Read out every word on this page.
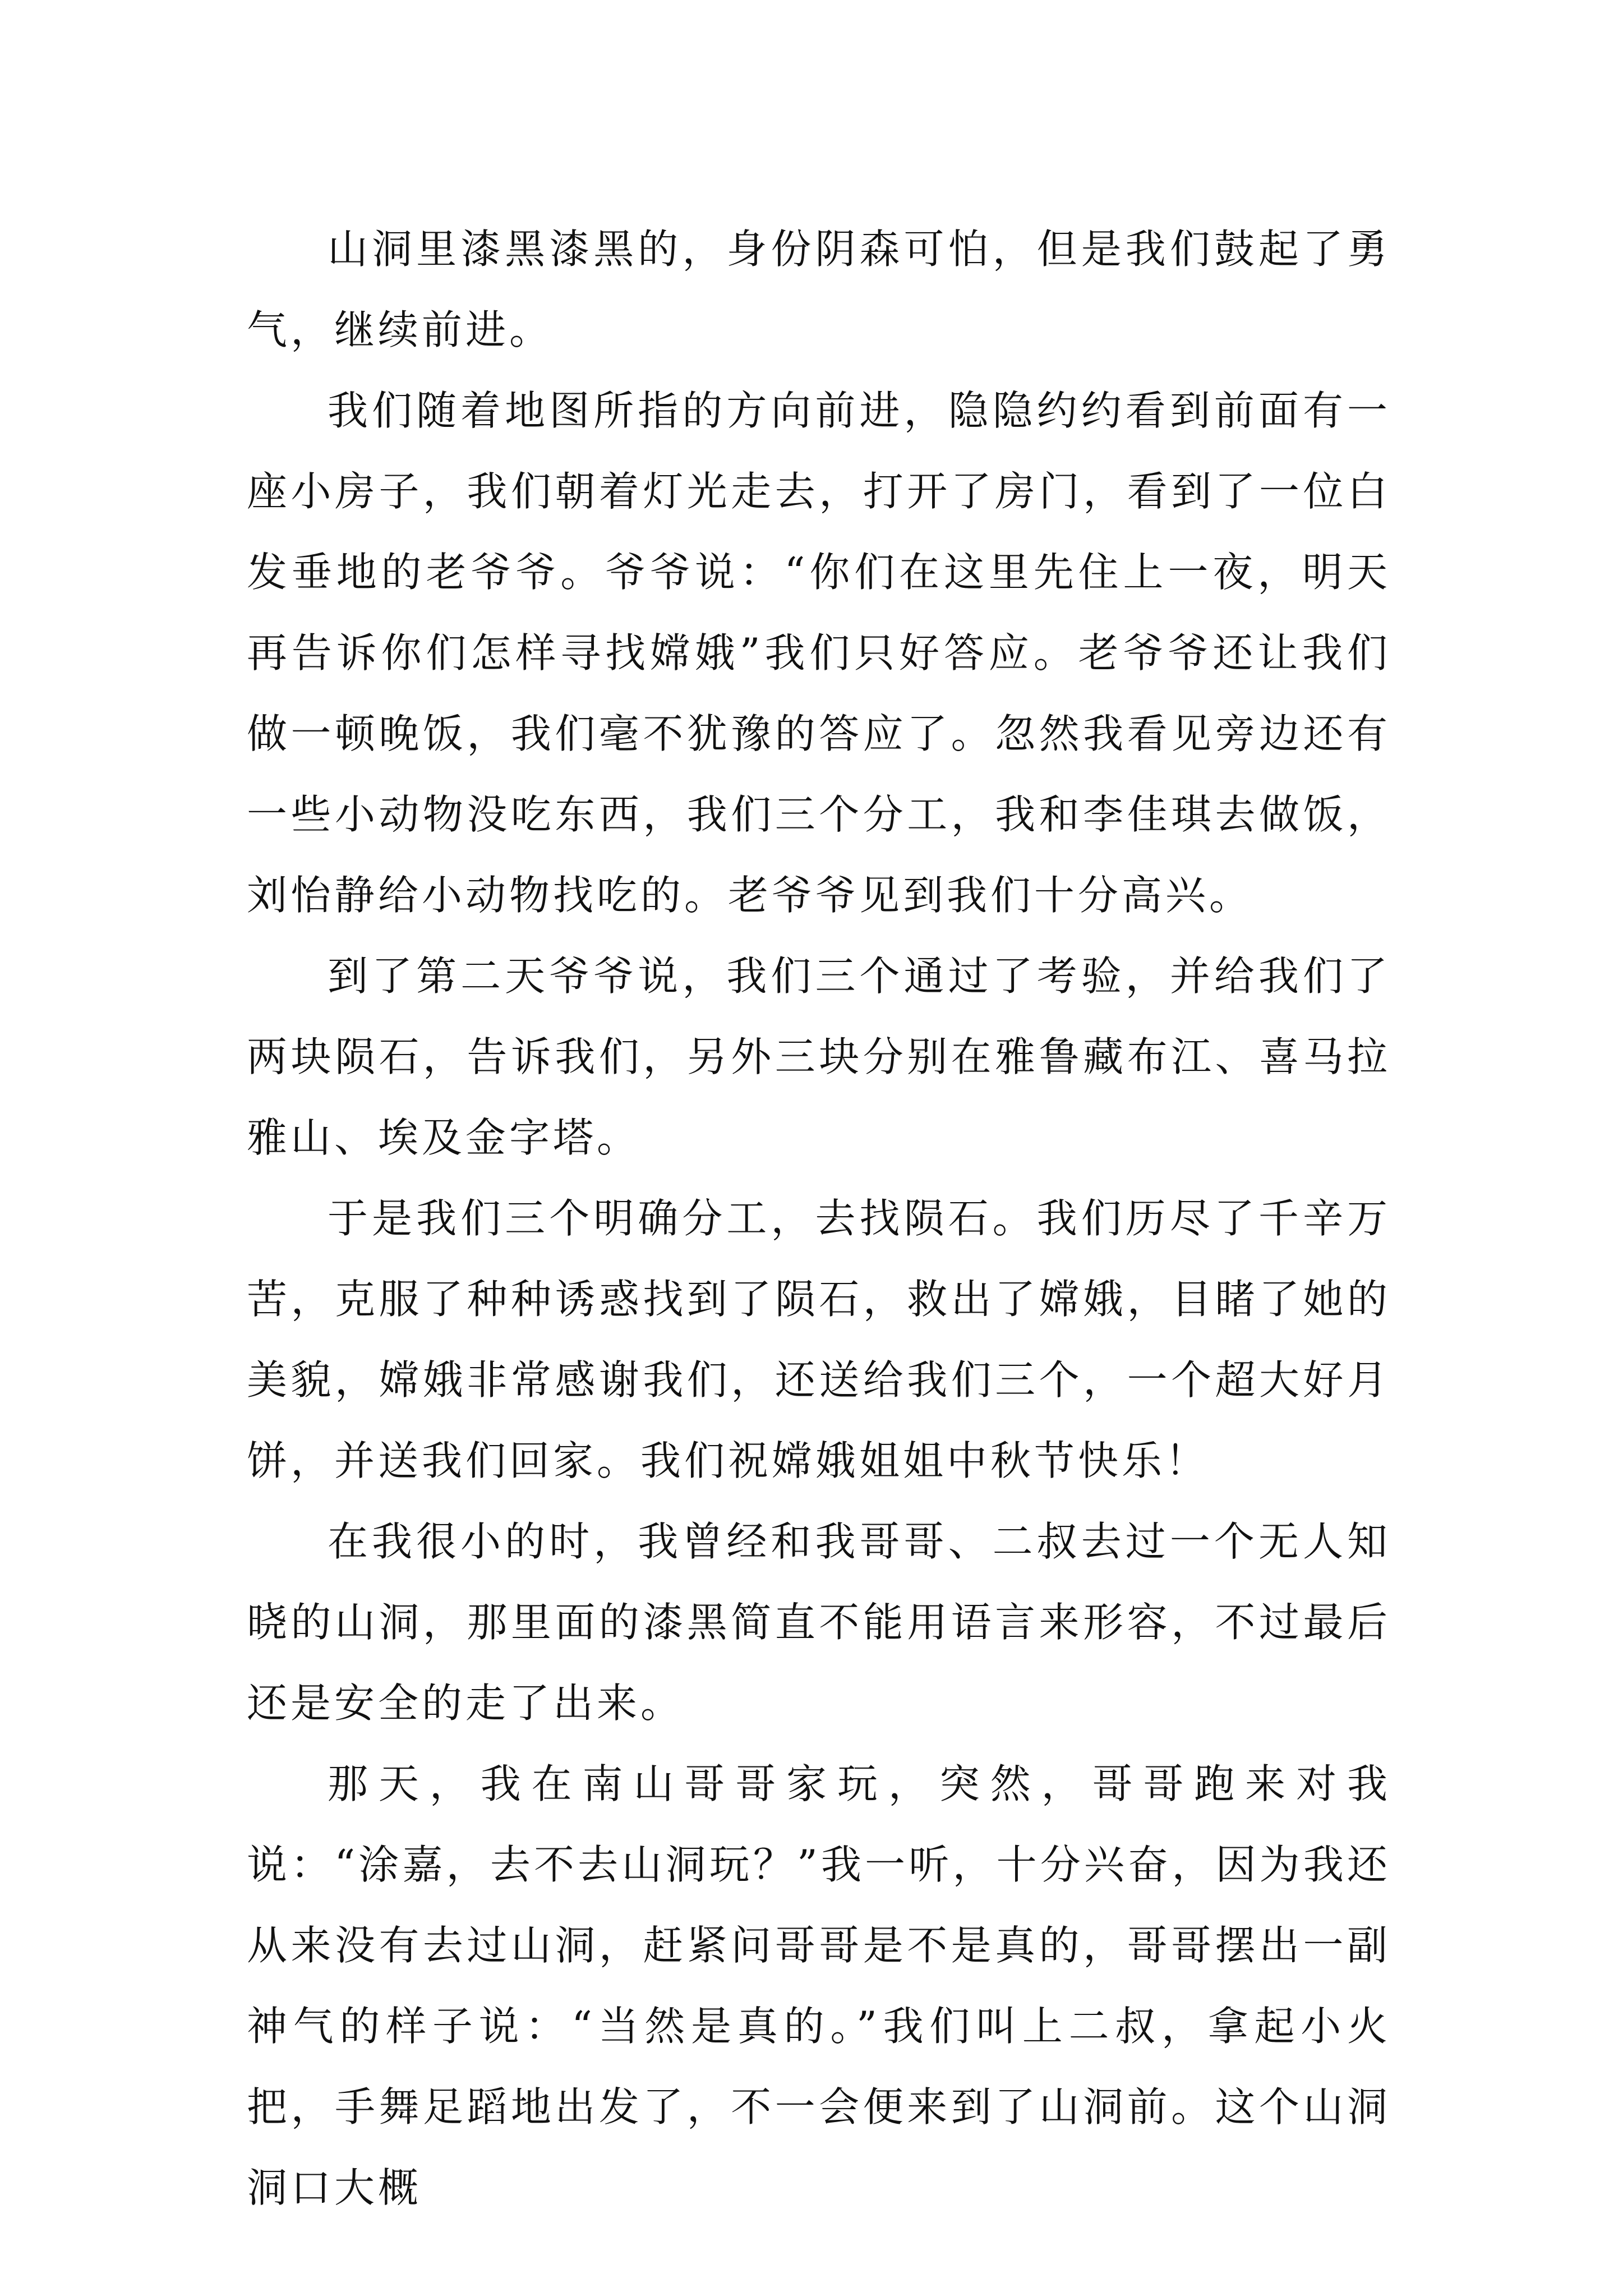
山洞里漆黑漆黑的，身份阴森可怕，但是我们鼓起了勇气，继续前进。

我们随着地图所指的方向前进，隐隐约约看到前面有一座小房子，我们朝着灯光走去，打开了房门，看到了一位白发垂地的老爷爷。爷爷说：“你们在这里先住上一夜，明天再告诉你们怎样寻找嫦娥”我们只好答应。老爷爷还让我们做一顿晚饭，我们毫不犹豫的答应了。忽然我看见旁边还有一些小动物没吃东西，我们三个分工，我和李佳琪去做饭，刘怡静给小动物找吃的。老爷爷见到我们十分高兴。

到了第二天爷爷说，我们三个通过了考验，并给我们了两块陨石，告诉我们，另外三块分别在雅鲁藏布江、喜马拉雅山、埃及金字塔。

于是我们三个明确分工，去找陨石。我们历尽了千辛万苦，克服了种种诱惑找到了陨石，救出了嫦娥，目睹了她的美貌，嫦娥非常感谢我们，还送给我们三个，一个超大好月饼，并送我们回家。我们祝嫦娥姐姐中秋节快乐！

在我很小的时，我曾经和我哥哥、二叔去过一个无人知晓的山洞，那里面的漆黑简直不能用语言来形容，不过最后还是安全的走了出来。

那天，我在南山哥哥家玩，突然，哥哥跑来对我说：“涂嘉，去不去山洞玩？”我一听，十分兴奋，因为我还从来没有去过山洞，赶紧问哥哥是不是真的，哥哥摆出一副神气的样子说：“当然是真的。”我们叫上二叔，拿起小火把，手舞足蹈地出发了，不一会便来到了山洞前。这个山洞洞口大概
